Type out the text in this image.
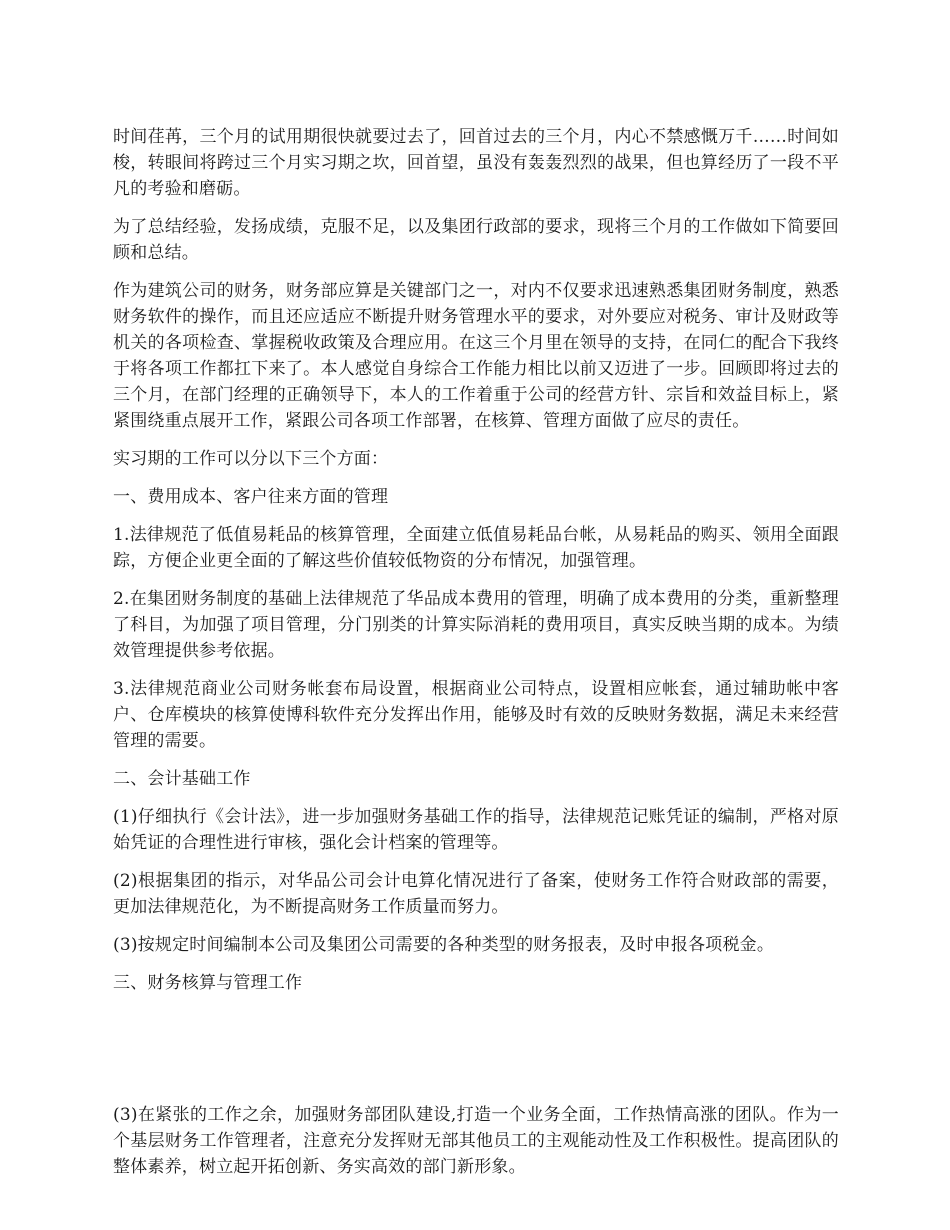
时间荏苒，三个月的试用期很快就要过去了，回首过去的三个月，内心不禁感慨万千……时间如梭，转眼间将跨过三个月实习期之坎，回首望，虽没有轰轰烈烈的战果，但也算经历了一段不平凡的考验和磨砺。

为了总结经验，发扬成绩，克服不足，以及集团行政部的要求，现将三个月的工作做如下简要回顾和总结。

作为建筑公司的财务，财务部应算是关键部门之一，对内不仅要求迅速熟悉集团财务制度，熟悉财务软件的操作，而且还应适应不断提升财务管理水平的要求，对外要应对税务、审计及财政等机关的各项检查、掌握税收政策及合理应用。在这三个月里在领导的支持，在同仁的配合下我终于将各项工作都扛下来了。本人感觉自身综合工作能力相比以前又迈进了一步。回顾即将过去的三个月，在部门经理的正确领导下，本人的工作着重于公司的经营方针、宗旨和效益目标上，紧紧围绕重点展开工作，紧跟公司各项工作部署，在核算、管理方面做了应尽的责任。

实习期的工作可以分以下三个方面：

一、费用成本、客户往来方面的管理

1.法律规范了低值易耗品的核算管理，全面建立低值易耗品台帐，从易耗品的购买、领用全面跟踪，方便企业更全面的了解这些价值较低物资的分布情况，加强管理。

2.在集团财务制度的基础上法律规范了华品成本费用的管理，明确了成本费用的分类，重新整理了科目，为加强了项目管理，分门别类的计算实际消耗的费用项目，真实反映当期的成本。为绩效管理提供参考依据。

3.法律规范商业公司财务帐套布局设置，根据商业公司特点，设置相应帐套，通过辅助帐中客户、仓库模块的核算使博科软件充分发挥出作用，能够及时有效的反映财务数据，满足未来经营管理的需要。

二、会计基础工作

(1)仔细执行《会计法》，进一步加强财务基础工作的指导，法律规范记账凭证的编制，严格对原始凭证的合理性进行审核，强化会计档案的管理等。

(2)根据集团的指示，对华品公司会计电算化情况进行了备案，使财务工作符合财政部的需要，更加法律规范化，为不断提高财务工作质量而努力。

(3)按规定时间编制本公司及集团公司需要的各种类型的财务报表，及时申报各项税金。

三、财务核算与管理工作

(3)在紧张的工作之余，加强财务部团队建设,打造一个业务全面，工作热情高涨的团队。作为一个基层财务工作管理者，注意充分发挥财无部其他员工的主观能动性及工作积极性。提高团队的整体素养，树立起开拓创新、务实高效的部门新形象。
